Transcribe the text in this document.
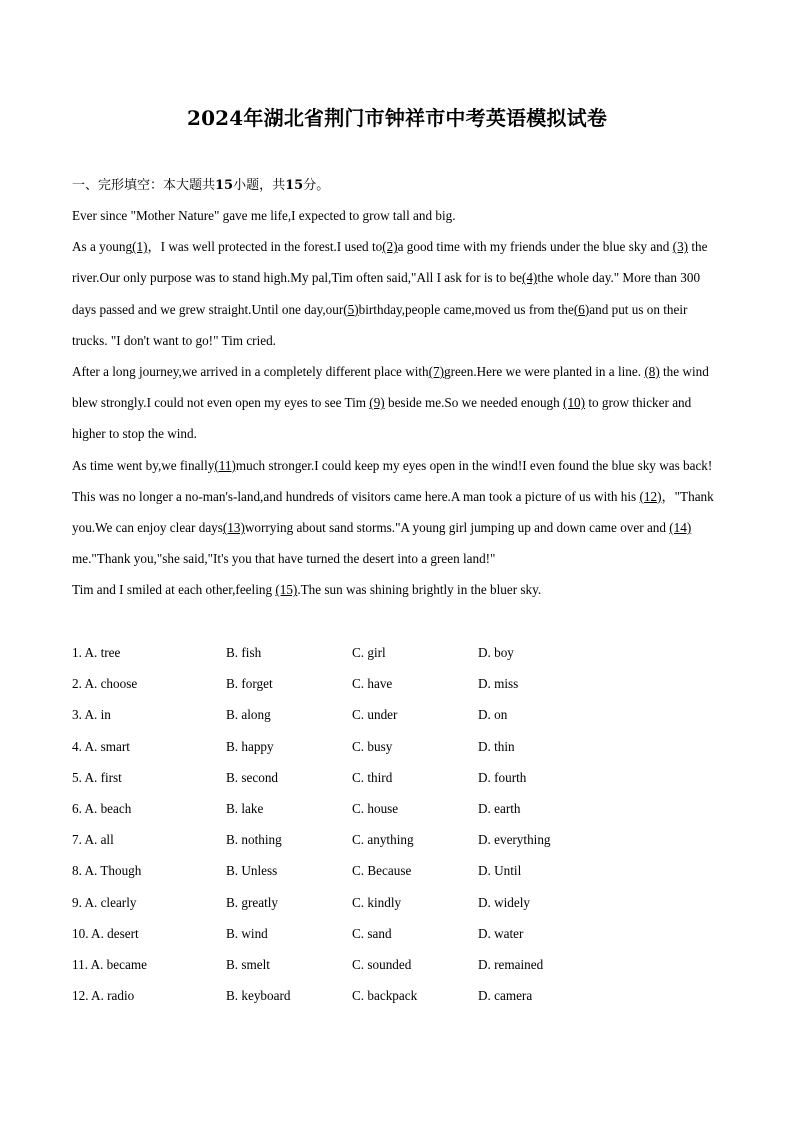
2024年湖北省荆门市钟祥市中考英语模拟试卷
一、完形填空：本大题共15小题，共15分。

Ever since "Mother Nature" gave me life,I expected to grow tall and big.

As a young(1)，I was well protected in the forest.I used to(2)a good time with my friends under the blue sky and (3) the river.Our only purpose was to stand high.My pal,Tim often said,"All I ask for is to be(4)the whole day." More than 300 days passed and we grew straight.Until one day,our(5)birthday,people came,moved us from the(6)and put us on their trucks. "I don't want to go!" Tim cried.

After a long journey,we arrived in a completely different place with(7)green.Here we were planted in a line. (8) the wind blew strongly.I could not even open my eyes to see Tim (9) beside me.So we needed enough (10) to grow thicker and higher to stop the wind.

As time went by,we finally(11)much stronger.I could keep my eyes open in the wind!I even found the blue sky was back!

This was no longer a no-man's-land,and hundreds of visitors came here.A man took a picture of us with his (12)，"Thank you.We can enjoy clear days(13)worrying about sand storms."A young girl jumping up and down came over and (14) me."Thank you,"she said,"It's you that have turned the desert into a green land!"

Tim and I smiled at each other,feeling (15).The sun was shining brightly in the bluer sky.

1. A. tree	B. fish	C. girl	D. boy
2. A. choose	B. forget	C. have	D. miss
3. A. in	B. along	C. under	D. on
4. A. smart	B. happy	C. busy	D. thin
5. A. first	B. second	C. third	D. fourth
6. A. beach	B. lake	C. house	D. earth
7. A. all	B. nothing	C. anything	D. everything
8. A. Though	B. Unless	C. Because	D. Until
9. A. clearly	B. greatly	C. kindly	D. widely
10. A. desert	B. wind	C. sand	D. water
11. A. became	B. smelt	C. sounded	D. remained
12. A. radio	B. keyboard	C. backpack	D. camera
